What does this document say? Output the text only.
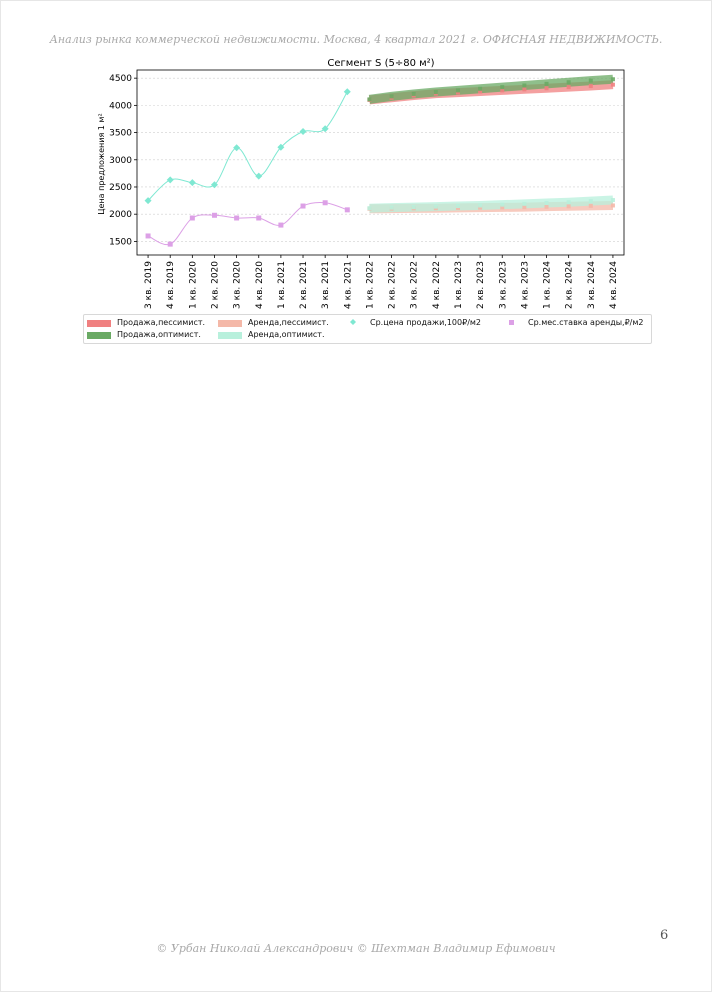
Анализ рынка коммерческой недвижимости. Москва, 4 квартал 2021 г. ОФИСНАЯ НЕДВИЖИМОСТЬ.
Сегмент S (5÷80 м²)
Цена предложения 1 м²
1500
2000
2500
3000
3500
4000
4500
3 кв. 2019 4 кв. 2019 1 кв. 2020 2 кв. 2020 3 кв. 2020 4 кв. 2020 1 кв. 2021 2 кв. 2021 3 кв. 2021 4 кв. 2021 1 кв. 2022 2 кв. 2022 3 кв. 2022 4 кв. 2022 1 кв. 2023 2 кв. 2023 3 кв. 2023 4 кв. 2023 1 кв. 2024 2 кв. 2024 3 кв. 2024 4 кв. 2024
Продажа,пессимист.	Аренда,пессимист.	Ср.цена продажи,100₽/м2	Ср.мес.ставка аренды,₽/м2
Продажа,оптимист.	Аренда,оптимист.
6
© Урбан Николай Александрович © Шехтман Владимир Ефимович
